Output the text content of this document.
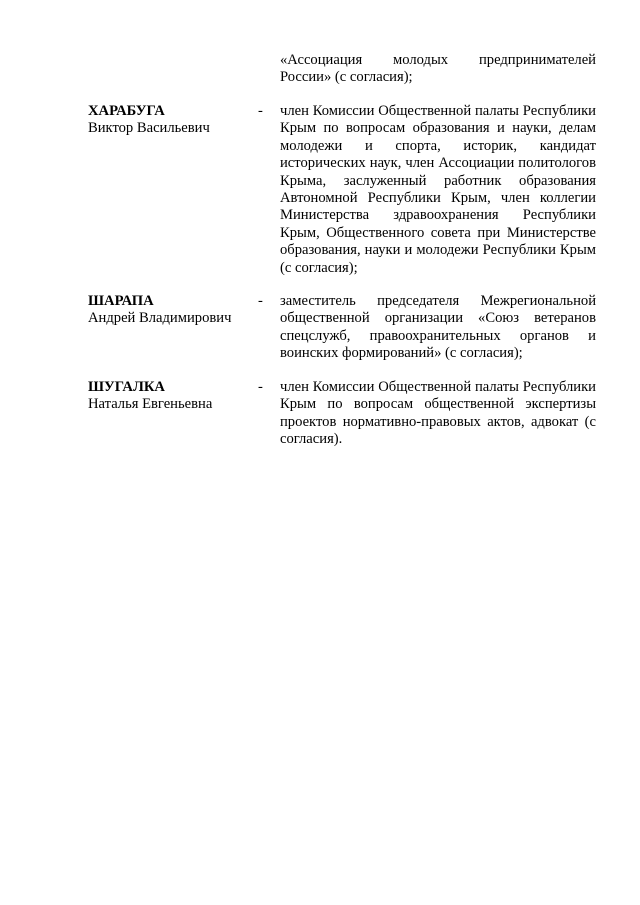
«Ассоциация молодых предпринимателей России» (с согласия);
ХАРАБУГА
Виктор Васильевич
- член Комиссии Общественной палаты Республики Крым по вопросам образования и науки, делам молодежи и спорта, историк, кандидат исторических наук, член Ассоциации политологов Крыма, заслуженный работник образования Автономной Республики Крым, член коллегии Министерства здравоохранения Республики Крым, Общественного совета при Министерстве образования, науки и молодежи Республики Крым (с согласия);
ШАРАПА
Андрей Владимирович
- заместитель председателя Межрегиональной общественной организации «Союз ветеранов спецслужб, правоохранительных органов и воинских формирований» (с согласия);
ШУГАЛКА
Наталья Евгеньевна
- член Комиссии Общественной палаты Республики Крым по вопросам общественной экспертизы проектов нормативно-правовых актов, адвокат (с согласия).
